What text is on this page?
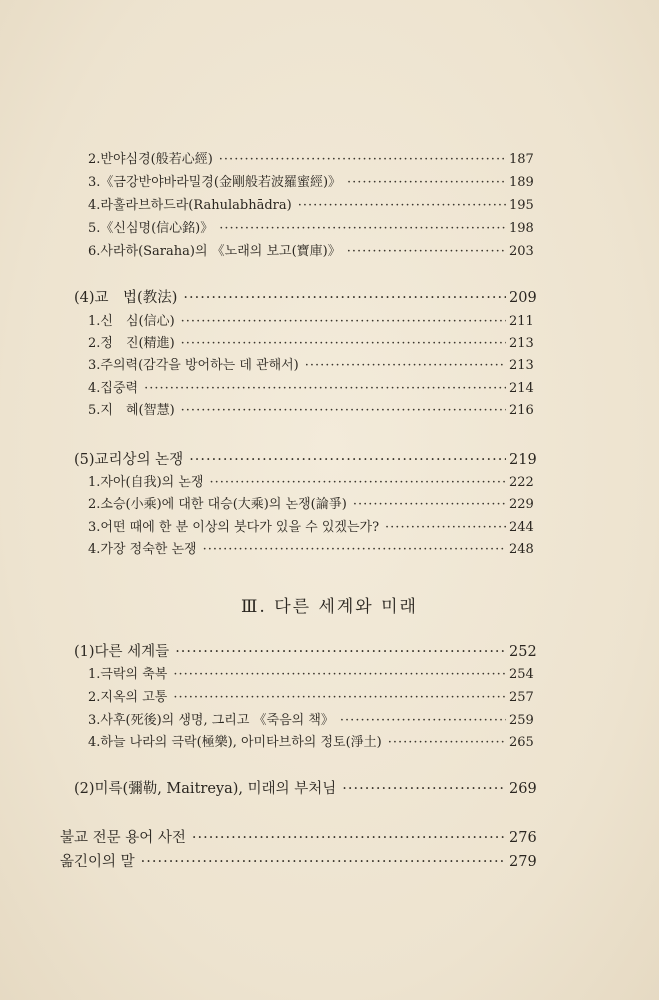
2. 반야심경(般若心經) ·····	187
3. 《금강반야바라밀경(金剛般若波羅蜜經)》 ·····	189
4. 라훌라브하드라(Rahulabhādra) ·····	195
5. 《신심명(信心銘)》 ·····	198
6. 사라하(Saraha)의 《노래의 보고(寶庫)》 ·····	203
(4) 교　법(教法) ·····	209
1. 신　심(信心) ·····	211
2. 정　진(精進) ·····	213
3. 주의력(감각을 방어하는 데 관해서) ·····	213
4. 집중력 ·····	214
5. 지　혜(智慧) ·····	216
(5) 교리상의 논쟁 ·····	219
1. 자아(自我)의 논쟁 ·····	222
2. 소승(小乘)에 대한 대승(大乘)의 논쟁(論爭) ·····	229
3. 어떤 때에 한 분 이상의 붓다가 있을 수 있겠는가? ·····	244
4. 가장 정숙한 논쟁 ·····	248
Ⅲ. 다른 세계와 미래
(1) 다른 세계들 ·····	252
1. 극락의 축복 ·····	254
2. 지옥의 고통 ·····	257
3. 사후(死後)의 생명, 그리고 《죽음의 책》 ·····	259
4. 하늘 나라의 극락(極樂), 아미타브하의 정토(淨土) ·····	265
(2) 미륵(彌勒, Maitreya), 미래의 부처님 ·····	269
불교 전문 용어 사전 ·····	276
옮긴이의 말 ·····	279
